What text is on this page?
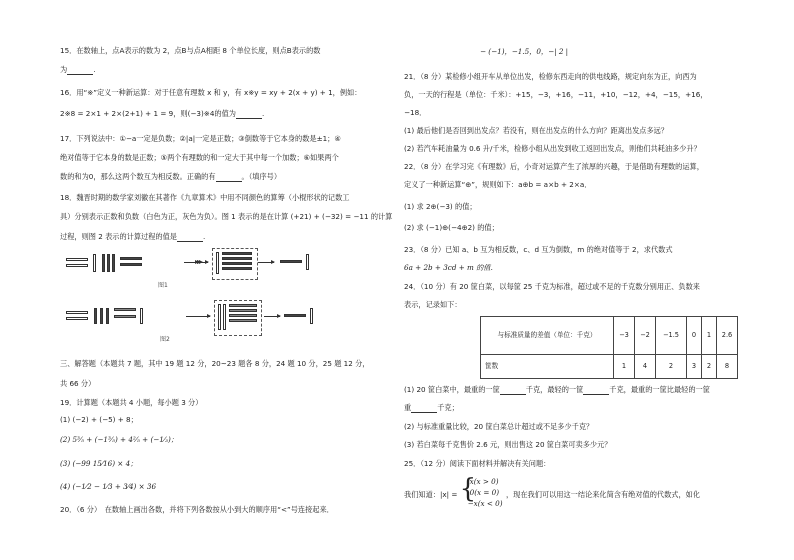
15．在数轴上，点A表示的数为 2，点B与点A相距 8 个单位长度，则点B表示的数
为	.
16．用“※”定义一种新运算：对于任意有理数 x 和 y，有 x※y = xy + 2(x + y) + 1，例如：
2※8 = 2×1 + 2×(2+1) + 1 = 9，则(−3)※4的值为	.
17．下列说法中：①−a一定是负数；②|a|一定是正数；③倒数等于它本身的数是±1；④
绝对值等于它本身的数是正数；⑤两个有理数的和一定大于其中每一个加数；⑥如果两个
数的和为0，那么这两个数互为相反数。正确的有	。（填序号）
18．魏晋时期的数学家刘徽在其著作《九章算术》中用不同颜色的算筹（小棍形状的记数工
具）分别表示正数和负数（白色为正，灰色为负）。图 1 表示的是在计算 (+21) + (−32) = −11 的计算
过程，则图 2 表示的计算过程的值是	.
图1
图2
三、解答题（本题共 7 题，其中 19 题 12 分，20~23 题各 8 分，24 题 10 分，25 题 12 分，
共 66 分）
19．计算题（本题共 4 小题，每小题 3 分）
(1) (−2) + (−5) + 8；
(2) 5³⁄₅ + (−1³⁄₅) + 4²⁄₅ + (−1⁄₃)；
(3) (−99 15⁄16) × 4；
(4) (−1⁄2 − 1⁄3 + 3⁄4) × 36
20．（6 分）　在数轴上画出各数，并将下列各数按从小到大的顺序用“<”号连接起来．
− (−1)，−1.5，0，−| 2 |
21．（8 分）某检修小组开车从单位出发，检修东西走向的供电线路，规定向东为正，向西为
负，一天的行程是（单位：千米）：+15，−3，+16，−11，+10，−12，+4，−15，+16，
−18．
(1) 最后他们是否回到出发点？若没有，则在出发点的什么方向？距离出发点多远？
(2) 若汽车耗油量为 0.6 升/千米，检修小组从出发到收工返回出发点，则他们共耗油多少升？
22．（8 分）在学习完《有理数》后，小奇对运算产生了浓厚的兴趣，于是借助有理数的运算，
定义了一种新运算“⊕”，规则如下：a⊕b = a×b + 2×a．
(1) 求 2⊕(−3) 的值；
(2) 求 (−1)⊕(−4⊕2) 的值；
23．（8 分）已知 a、b 互为相反数，c、d 互为倒数，m 的绝对值等于 2，求代数式
6a + 2b + 3cd + m 的值．
24．（10 分）有 20 筐白菜，以每筐 25 千克为标准，超过或不足的千克数分别用正、负数来
表示，记录如下：
与标准质量的差值（单位：千克）	−3	−2	−1.5	0	1	2.6
筐数	1	4	2	3	2	8
(1) 20 筐白菜中，最重的一筐	千克，最轻的一筐	千克，最重的一筐比最轻的一筐
重	千克；
(2) 与标准重量比较，20 筐白菜总计超过或不足多少千克？
(3) 若白菜每千克售价 2.6 元，则出售这 20 筐白菜可卖多少元？
25．（12 分）阅读下面材料并解决有关问题：
我们知道：|x| = {
x(x > 0)
0(x = 0)
−x(x < 0)
，现在我们可以用这一结论来化简含有绝对值的代数式，如化
